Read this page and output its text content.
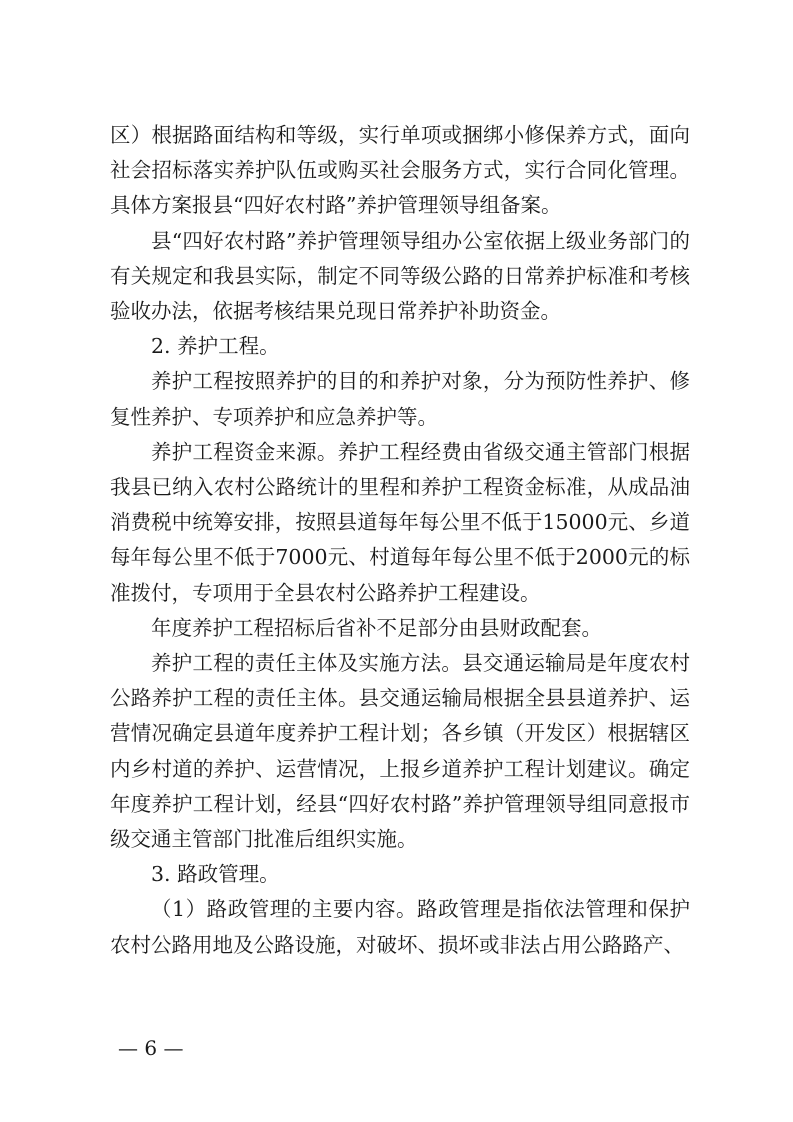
区）根据路面结构和等级，实行单项或捆绑小修保养方式，面向社会招标落实养护队伍或购买社会服务方式，实行合同化管理。具体方案报县“四好农村路”养护管理领导组备案。

县“四好农村路”养护管理领导组办公室依据上级业务部门的有关规定和我县实际，制定不同等级公路的日常养护标准和考核验收办法，依据考核结果兑现日常养护补助资金。

2. 养护工程。

养护工程按照养护的目的和养护对象，分为预防性养护、修复性养护、专项养护和应急养护等。

养护工程资金来源。养护工程经费由省级交通主管部门根据我县已纳入农村公路统计的里程和养护工程资金标准，从成品油消费税中统筹安排，按照县道每年每公里不低于15000元、乡道每年每公里不低于7000元、村道每年每公里不低于2000元的标准拨付，专项用于全县农村公路养护工程建设。

年度养护工程招标后省补不足部分由县财政配套。

养护工程的责任主体及实施方法。县交通运输局是年度农村公路养护工程的责任主体。县交通运输局根据全县县道养护、运营情况确定县道年度养护工程计划；各乡镇（开发区）根据辖区内乡村道的养护、运营情况，上报乡道养护工程计划建议。确定年度养护工程计划，经县“四好农村路”养护管理领导组同意报市级交通主管部门批准后组织实施。

3. 路政管理。

（1）路政管理的主要内容。路政管理是指依法管理和保护农村公路用地及公路设施，对破坏、损坏或非法占用公路路产、

— 6 —
